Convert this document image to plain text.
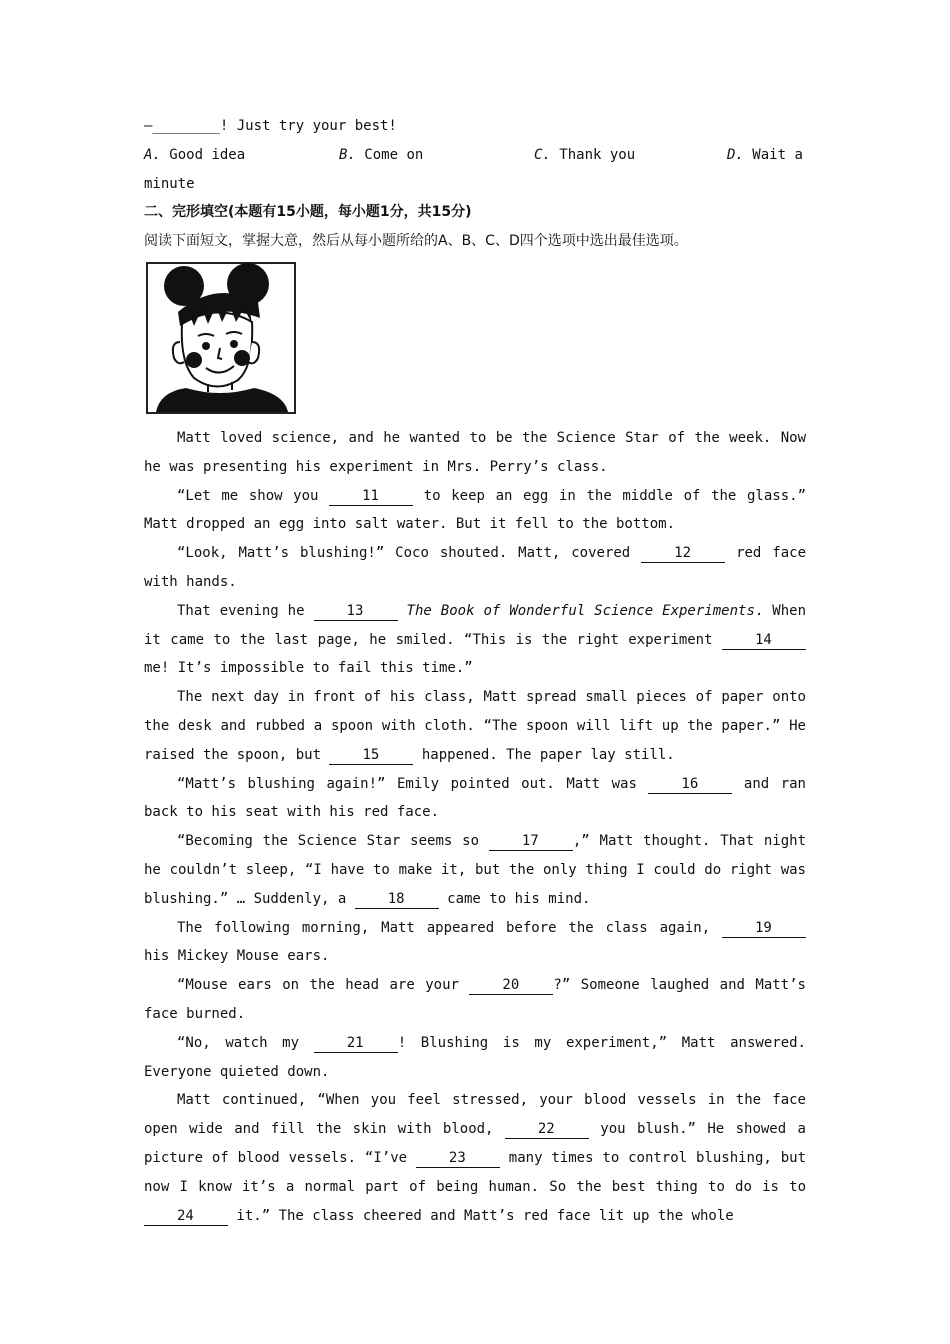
—________! Just try your best!
A. Good idea	B. Come on	C. Thank you	D. Wait a
minute
二、完形填空(本题有15小题，每小题1分，共15分)
阅读下面短文，掌握大意，然后从每小题所给的A、B、C、D四个选项中选出最佳选项。

Matt loved science, and he wanted to be the Science Star of the week. Now he was presenting his experiment in Mrs. Perry’s class.

“Let me show you 11 to keep an egg in the middle of the glass.” Matt dropped an egg into salt water. But it fell to the bottom.

“Look, Matt’s blushing!” Coco shouted. Matt, covered 12 red face with hands.

That evening he 13	The Book of Wonderful Science Experiments. When it came to the last page, he smiled. “This is the right experiment 14 me! It’s impossible to fail this time.”

The next day in front of his class, Matt spread small pieces of paper onto the desk and rubbed a spoon with cloth. “The spoon will lift up the paper.” He raised the spoon, but 15 happened. The paper lay still.

“Matt’s blushing again!” Emily pointed out. Matt was 16 and ran back to his seat with his red face.

“Becoming the Science Star seems so 17 ,” Matt thought. That night he couldn’t sleep, “I have to make it, but the only thing I could do right was blushing.” … Suddenly, a 18 came to his mind.

The following morning, Matt appeared before the class again, 19 his Mickey Mouse ears.

“Mouse ears on the head are your 20 ?” Someone laughed and Matt’s face burned.

“No, watch my 21 ! Blushing is my experiment,” Matt answered. Everyone quieted down.

Matt continued, “When you feel stressed, your blood vessels in the face open wide and fill the skin with blood, 22 you blush.” He showed a picture of blood vessels. “I’ve 23 many times to control blushing, but now I know it’s a normal part of being human. So the best thing to do is to 24 it.” The class cheered and Matt’s red face lit up the whole
